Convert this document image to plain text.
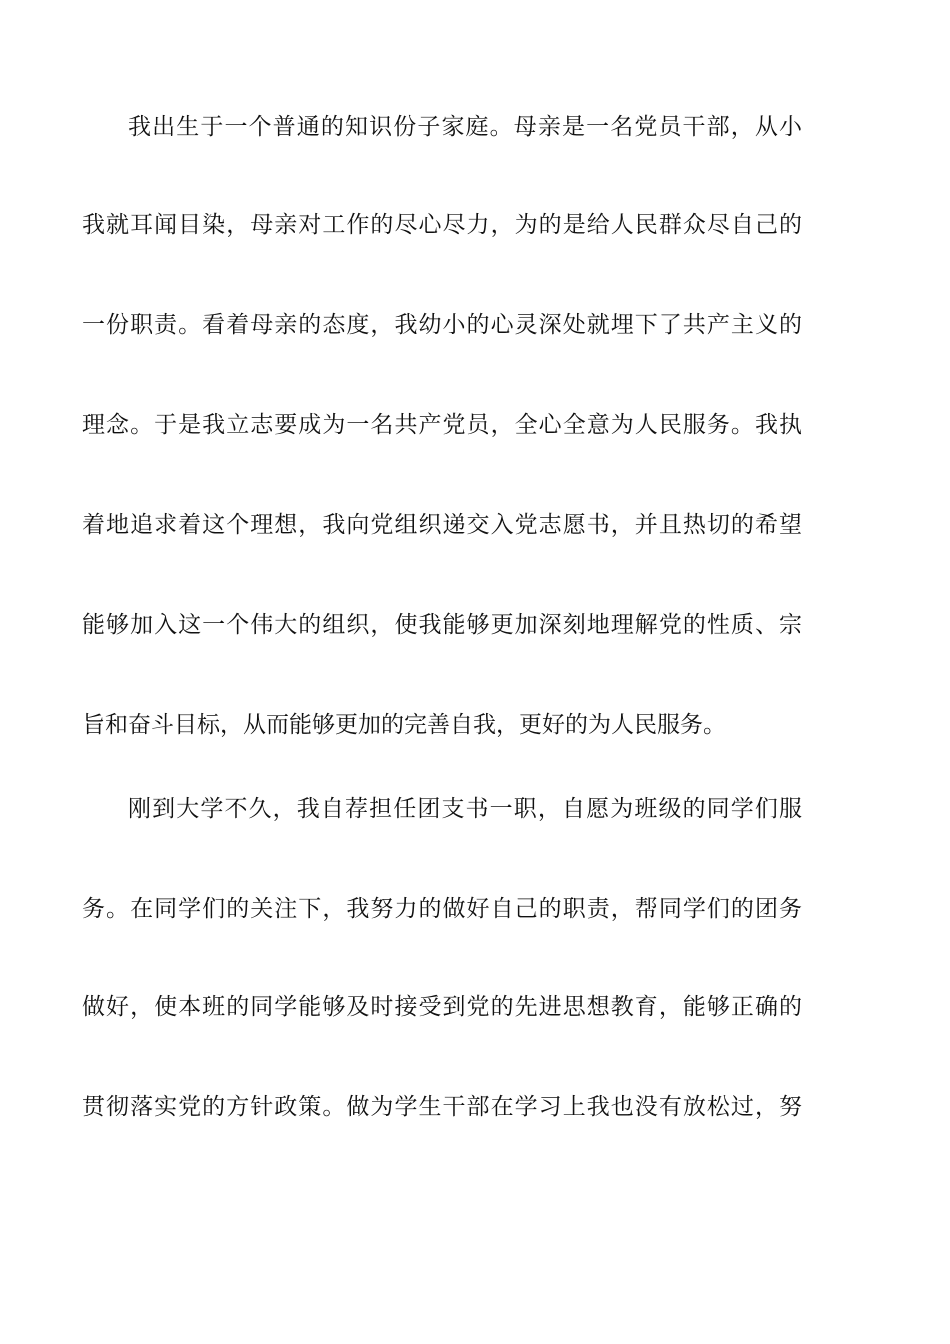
我出生于一个普通的知识份子家庭。母亲是一名党员干部，从小
我就耳闻目染，母亲对工作的尽心尽力，为的是给人民群众尽自己的
一份职责。看着母亲的态度，我幼小的心灵深处就埋下了共产主义的
理念。于是我立志要成为一名共产党员，全心全意为人民服务。我执
着地追求着这个理想，我向党组织递交入党志愿书，并且热切的希望
能够加入这一个伟大的组织，使我能够更加深刻地理解党的性质、宗
旨和奋斗目标，从而能够更加的完善自我，更好的为人民服务。
刚到大学不久，我自荐担任团支书一职，自愿为班级的同学们服
务。在同学们的关注下，我努力的做好自己的职责，帮同学们的团务
做好，使本班的同学能够及时接受到党的先进思想教育，能够正确的
贯彻落实党的方针政策。做为学生干部在学习上我也没有放松过，努
